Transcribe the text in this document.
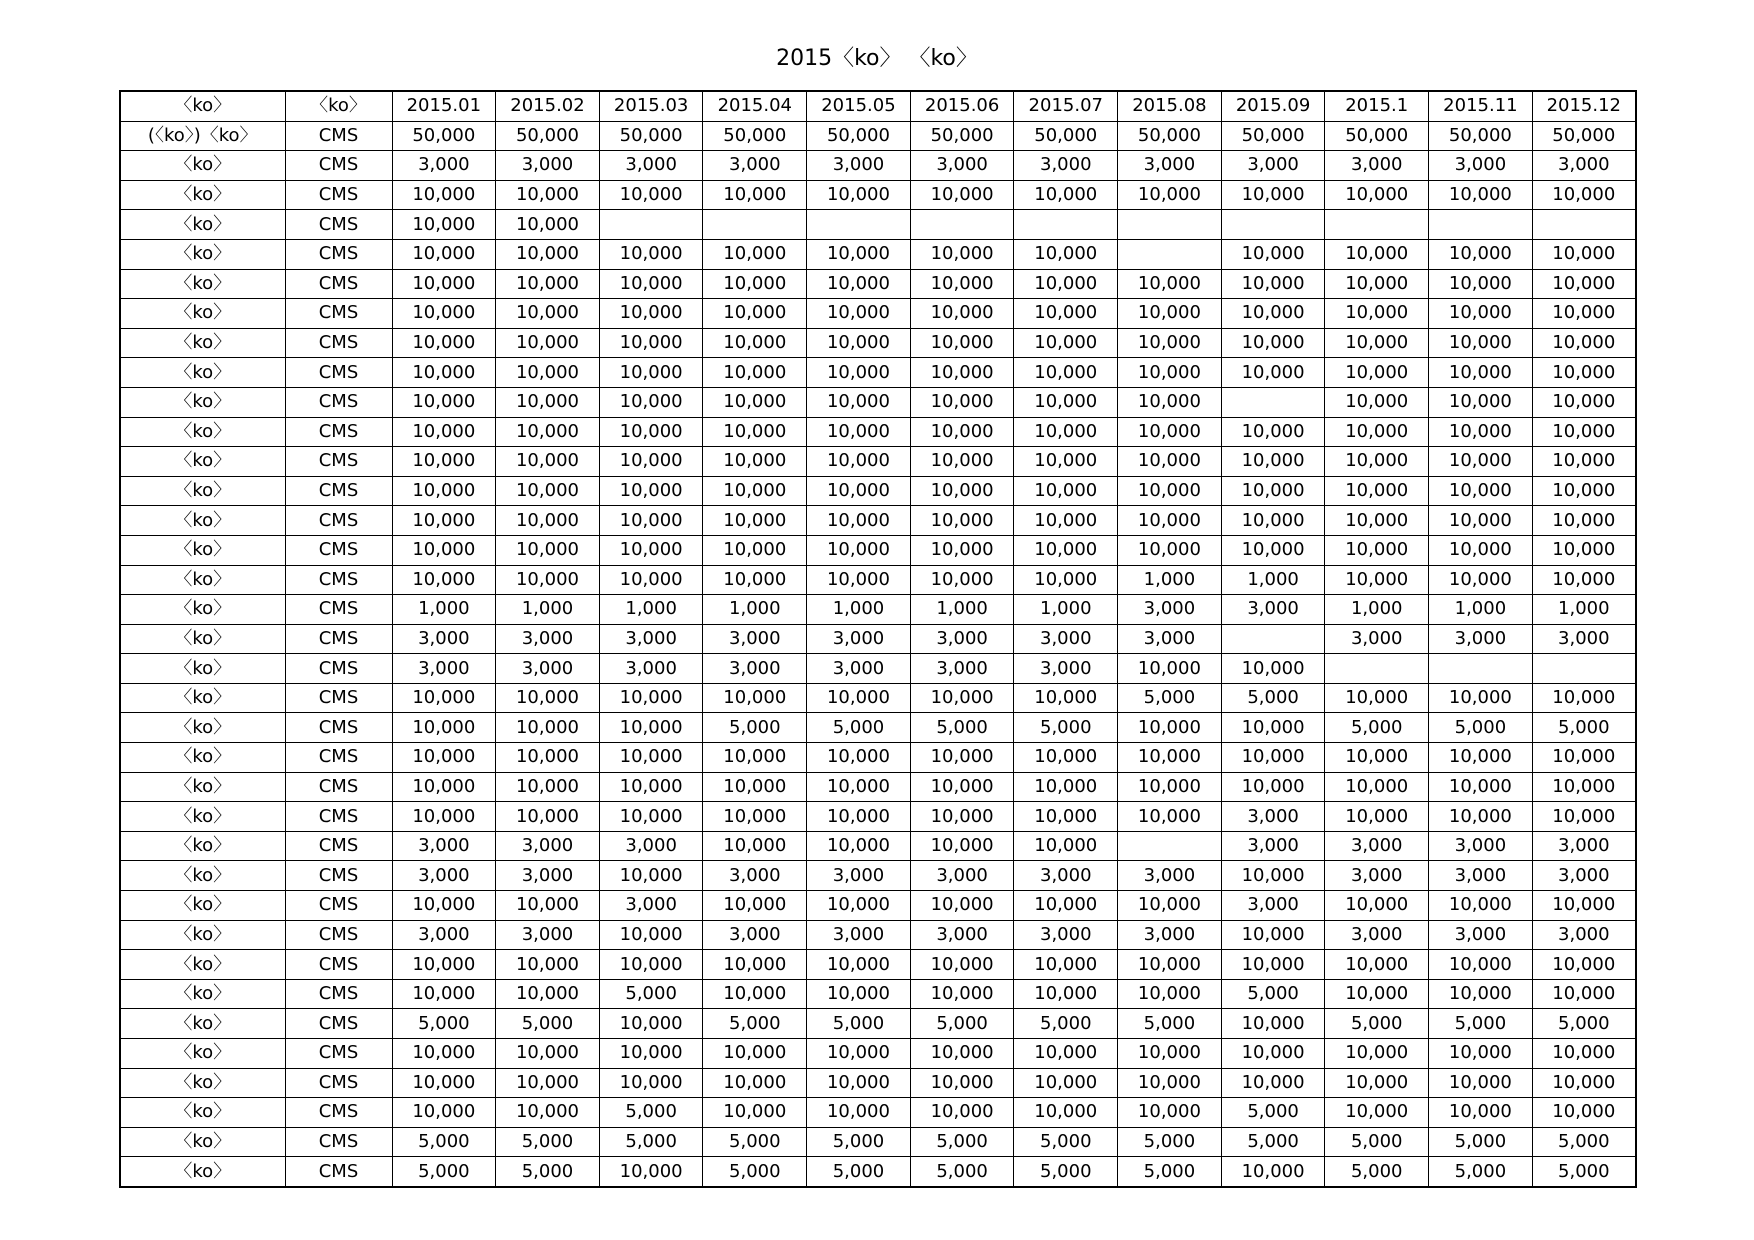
2015〈ko〉 〈ko〉
〈ko〉	〈ko〉	2015.01	2015.02	2015.03	2015.04	2015.05	2015.06	2015.07	2015.08	2015.09	2015.1	2015.11	2015.12
(〈ko〉)〈ko〉	CMS	50,000	50,000	50,000	50,000	50,000	50,000	50,000	50,000	50,000	50,000	50,000	50,000
〈ko〉	CMS	3,000	3,000	3,000	3,000	3,000	3,000	3,000	3,000	3,000	3,000	3,000	3,000
〈ko〉	CMS	10,000	10,000	10,000	10,000	10,000	10,000	10,000	10,000	10,000	10,000	10,000	10,000
〈ko〉	CMS	10,000	10,000										
〈ko〉	CMS	10,000	10,000	10,000	10,000	10,000	10,000	10,000		10,000	10,000	10,000	10,000
〈ko〉	CMS	10,000	10,000	10,000	10,000	10,000	10,000	10,000	10,000	10,000	10,000	10,000	10,000
〈ko〉	CMS	10,000	10,000	10,000	10,000	10,000	10,000	10,000	10,000	10,000	10,000	10,000	10,000
〈ko〉	CMS	10,000	10,000	10,000	10,000	10,000	10,000	10,000	10,000	10,000	10,000	10,000	10,000
〈ko〉	CMS	10,000	10,000	10,000	10,000	10,000	10,000	10,000	10,000	10,000	10,000	10,000	10,000
〈ko〉	CMS	10,000	10,000	10,000	10,000	10,000	10,000	10,000	10,000		10,000	10,000	10,000
〈ko〉	CMS	10,000	10,000	10,000	10,000	10,000	10,000	10,000	10,000	10,000	10,000	10,000	10,000
〈ko〉	CMS	10,000	10,000	10,000	10,000	10,000	10,000	10,000	10,000	10,000	10,000	10,000	10,000
〈ko〉	CMS	10,000	10,000	10,000	10,000	10,000	10,000	10,000	10,000	10,000	10,000	10,000	10,000
〈ko〉	CMS	10,000	10,000	10,000	10,000	10,000	10,000	10,000	10,000	10,000	10,000	10,000	10,000
〈ko〉	CMS	10,000	10,000	10,000	10,000	10,000	10,000	10,000	10,000	10,000	10,000	10,000	10,000
〈ko〉	CMS	10,000	10,000	10,000	10,000	10,000	10,000	10,000	1,000	1,000	10,000	10,000	10,000
〈ko〉	CMS	1,000	1,000	1,000	1,000	1,000	1,000	1,000	3,000	3,000	1,000	1,000	1,000
〈ko〉	CMS	3,000	3,000	3,000	3,000	3,000	3,000	3,000	3,000		3,000	3,000	3,000
〈ko〉	CMS	3,000	3,000	3,000	3,000	3,000	3,000	3,000	10,000	10,000			
〈ko〉	CMS	10,000	10,000	10,000	10,000	10,000	10,000	10,000	5,000	5,000	10,000	10,000	10,000
〈ko〉	CMS	10,000	10,000	10,000	5,000	5,000	5,000	5,000	10,000	10,000	5,000	5,000	5,000
〈ko〉	CMS	10,000	10,000	10,000	10,000	10,000	10,000	10,000	10,000	10,000	10,000	10,000	10,000
〈ko〉	CMS	10,000	10,000	10,000	10,000	10,000	10,000	10,000	10,000	10,000	10,000	10,000	10,000
〈ko〉	CMS	10,000	10,000	10,000	10,000	10,000	10,000	10,000	10,000	3,000	10,000	10,000	10,000
〈ko〉	CMS	3,000	3,000	3,000	10,000	10,000	10,000	10,000		3,000	3,000	3,000	3,000
〈ko〉	CMS	3,000	3,000	10,000	3,000	3,000	3,000	3,000	3,000	10,000	3,000	3,000	3,000
〈ko〉	CMS	10,000	10,000	3,000	10,000	10,000	10,000	10,000	10,000	3,000	10,000	10,000	10,000
〈ko〉	CMS	3,000	3,000	10,000	3,000	3,000	3,000	3,000	3,000	10,000	3,000	3,000	3,000
〈ko〉	CMS	10,000	10,000	10,000	10,000	10,000	10,000	10,000	10,000	10,000	10,000	10,000	10,000
〈ko〉	CMS	10,000	10,000	5,000	10,000	10,000	10,000	10,000	10,000	5,000	10,000	10,000	10,000
〈ko〉	CMS	5,000	5,000	10,000	5,000	5,000	5,000	5,000	5,000	10,000	5,000	5,000	5,000
〈ko〉	CMS	10,000	10,000	10,000	10,000	10,000	10,000	10,000	10,000	10,000	10,000	10,000	10,000
〈ko〉	CMS	10,000	10,000	10,000	10,000	10,000	10,000	10,000	10,000	10,000	10,000	10,000	10,000
〈ko〉	CMS	10,000	10,000	5,000	10,000	10,000	10,000	10,000	10,000	5,000	10,000	10,000	10,000
〈ko〉	CMS	5,000	5,000	5,000	5,000	5,000	5,000	5,000	5,000	5,000	5,000	5,000	5,000
〈ko〉	CMS	5,000	5,000	10,000	5,000	5,000	5,000	5,000	5,000	10,000	5,000	5,000	5,000
